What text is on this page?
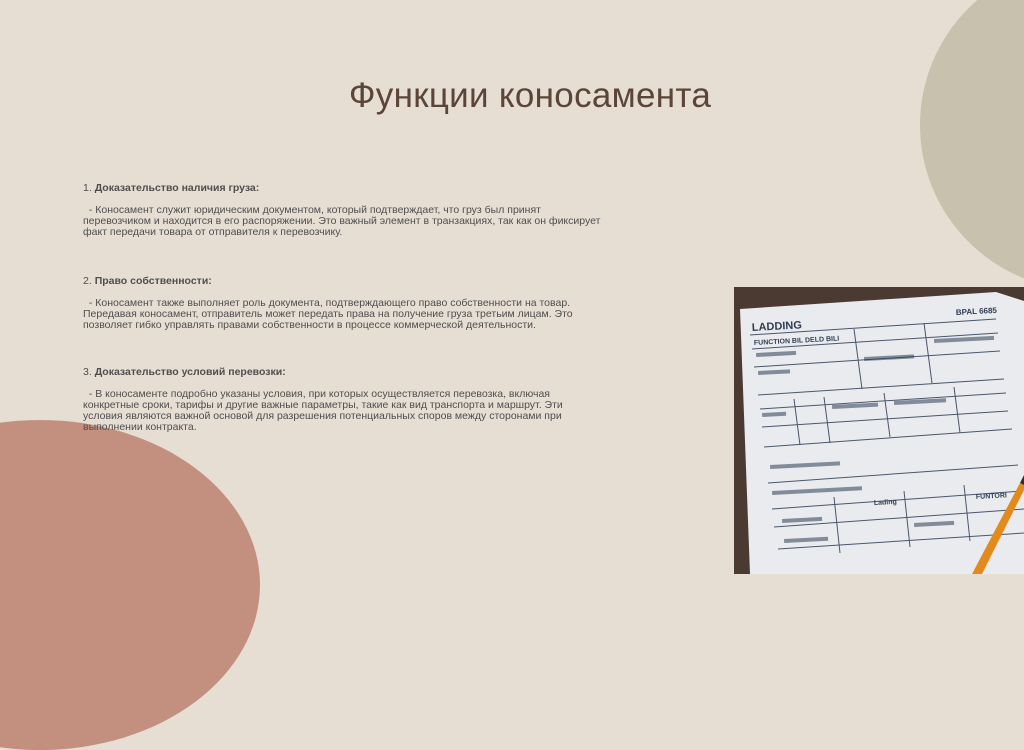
Функции коносамента
1. Доказательство наличия груза:
- Коносамент служит юридическим документом, который подтверждает, что груз был принят
перевозчиком и находится в его распоряжении. Это важный элемент в транзакциях, так как он фиксирует
факт передачи товара от отправителя к перевозчику.
2. Право собственности:
- Коносамент также выполняет роль документа, подтверждающего право собственности на товар.
Передавая коносамент, отправитель может передать права на получение груза третьим лицам. Это
позволяет гибко управлять правами собственности в процессе коммерческой деятельности.
3. Доказательство условий перевозки:
- В коносаменте подробно указаны условия, при которых осуществляется перевозка, включая
конкретные сроки, тарифы и другие важные параметры, такие как вид транспорта и маршрут. Эти
условия являются важной основой для разрешения потенциальных споров между сторонами при
выполнении контракта.
LADDING
BPAL 6685
FUNCTION BIL DELD BILI
Lading
FUNTORI
